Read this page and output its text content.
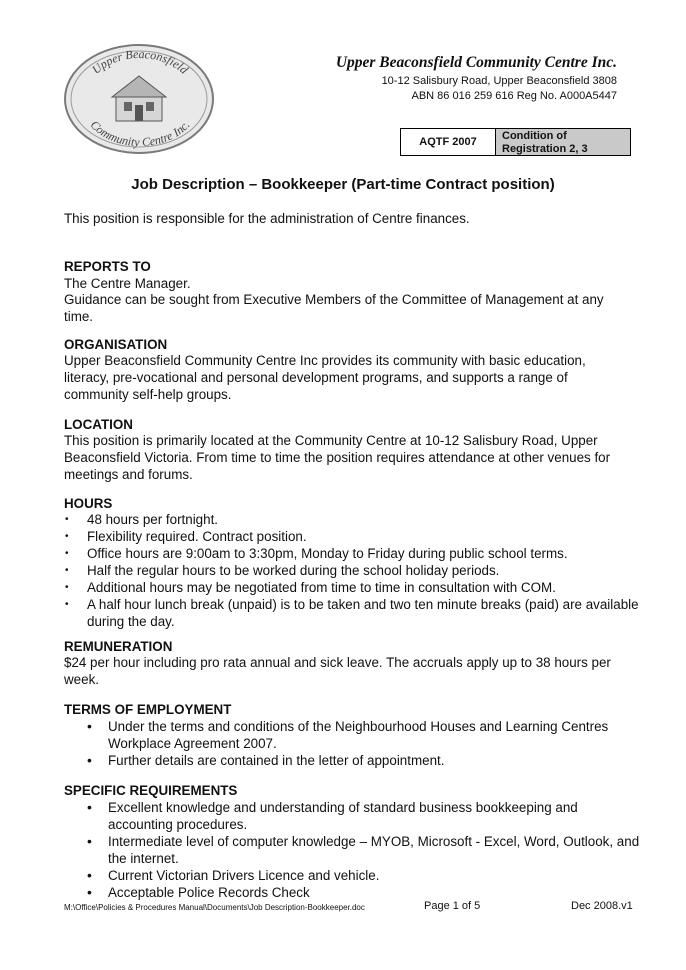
Upper Beaconsfield
Community Centre Inc.
Upper Beaconsfield Community Centre Inc.
10-12 Salisbury Road, Upper Beaconsfield 3808
ABN 86 016 259 616 Reg No. A000A5447
AQTF 2007	Condition of Registration 2, 3
Job Description – Bookkeeper (Part-time Contract position)
This position is responsible for the administration of Centre finances.
REPORTS TO
The Centre Manager.
Guidance can be sought from Executive Members of the Committee of Management at any time.
ORGANISATION
Upper Beaconsfield Community Centre Inc provides its community with basic education, literacy, pre-vocational and personal development programs, and supports a range of community self-help groups.
LOCATION
This position is primarily located at the Community Centre at 10-12 Salisbury Road, Upper Beaconsfield Victoria. From time to time the position requires attendance at other venues for meetings and forums.
HOURS
• 48 hours per fortnight.
• Flexibility required. Contract position.
• Office hours are 9:00am to 3:30pm, Monday to Friday during public school terms.
• Half the regular hours to be worked during the school holiday periods.
• Additional hours may be negotiated from time to time in consultation with COM.
• A half hour lunch break (unpaid) is to be taken and two ten minute breaks (paid) are available during the day.
REMUNERATION
$24 per hour including pro rata annual and sick leave. The accruals apply up to 38 hours per week.
TERMS OF EMPLOYMENT
• Under the terms and conditions of the Neighbourhood Houses and Learning Centres Workplace Agreement 2007.
• Further details are contained in the letter of appointment.
SPECIFIC REQUIREMENTS
• Excellent knowledge and understanding of standard business bookkeeping and accounting procedures.
• Intermediate level of computer knowledge – MYOB, Microsoft - Excel, Word, Outlook, and the internet.
• Current Victorian Drivers Licence and vehicle.
• Acceptable Police Records Check
M:\Office\Policies & Procedures Manual\Documents\Job Description-Bookkeeper.doc	Page 1 of 5	Dec 2008.v1
